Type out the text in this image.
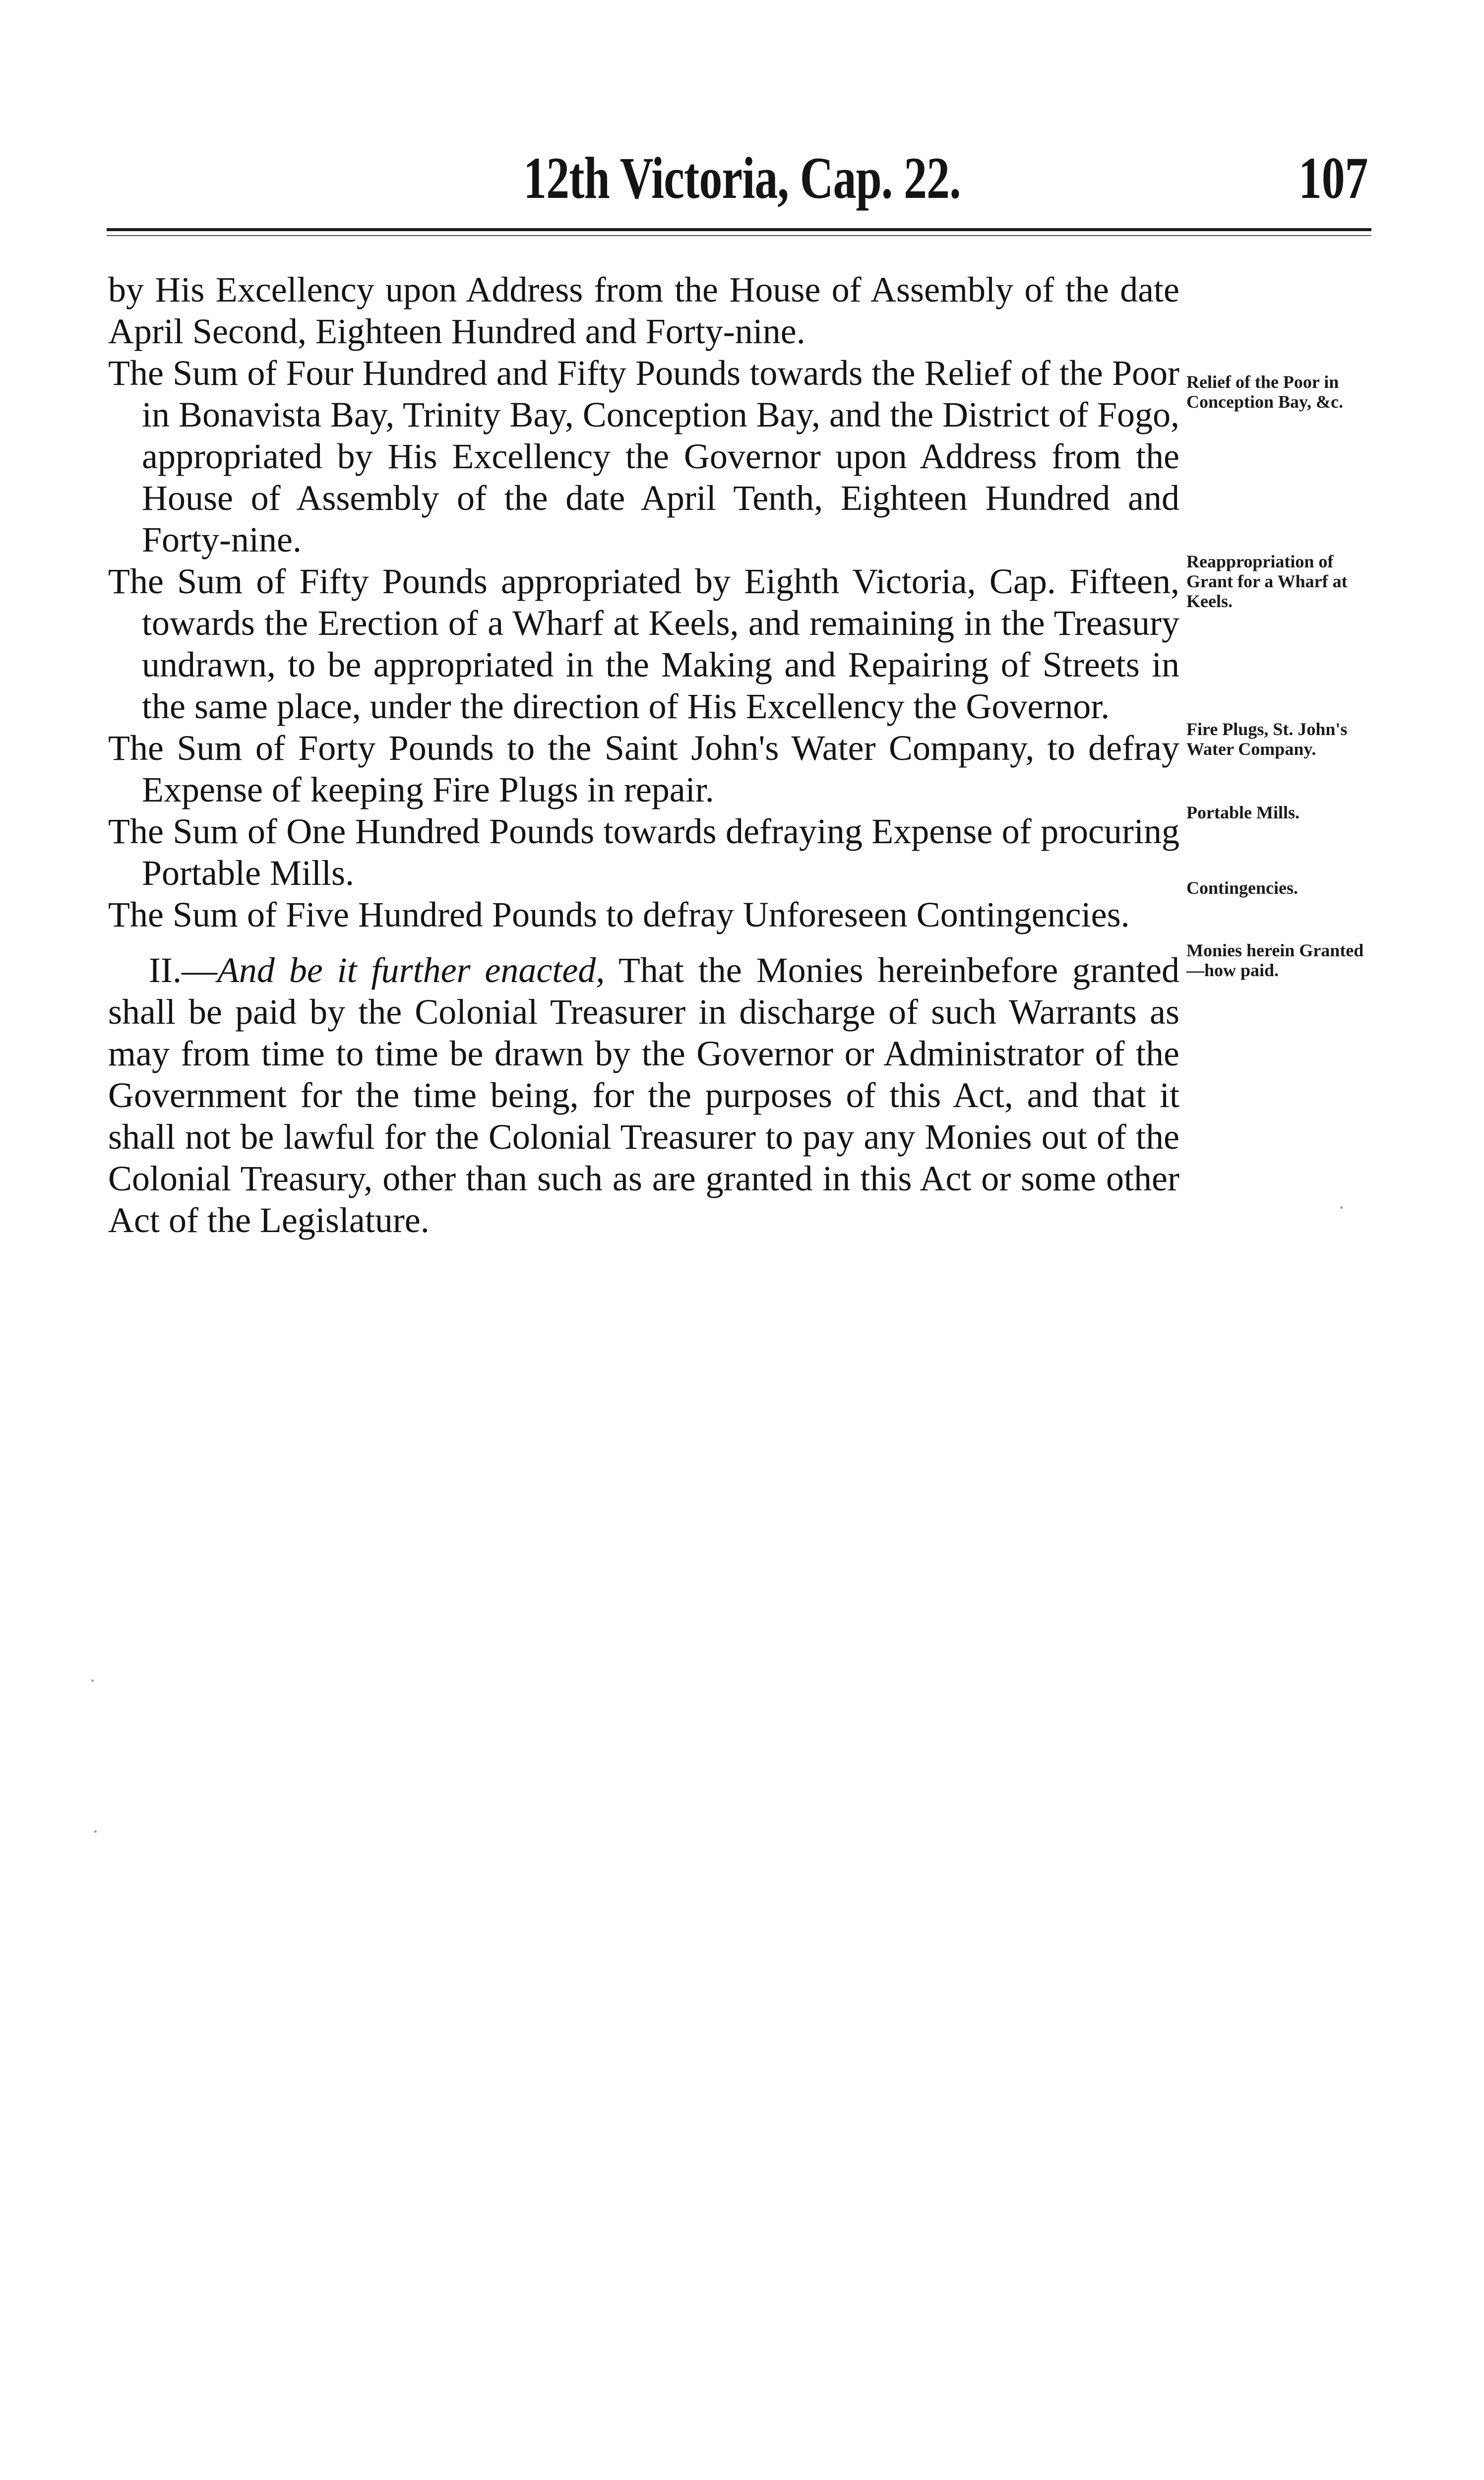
12th Victoria, Cap. 22.	107

by His Excellency upon Address from the House of Assembly of the date April Second, Eighteen Hundred and Forty-nine.

The Sum of Four Hundred and Fifty Pounds towards the Relief of the Poor in Bonavista Bay, Trinity Bay, Conception Bay, and the District of Fogo, appropriated by His Excellency the Governor upon Address from the House of Assembly of the date April Tenth, Eighteen Hundred and Forty-nine.

The Sum of Fifty Pounds appropriated by Eighth Victoria, Cap. Fifteen, towards the Erection of a Wharf at Keels, and remaining in the Treasury undrawn, to be appropriated in the Making and Repairing of Streets in the same place, under the direction of His Excellency the Governor.

The Sum of Forty Pounds to the Saint John's Water Company, to defray Expense of keeping Fire Plugs in repair.

The Sum of One Hundred Pounds towards defraying Expense of procuring Portable Mills.

The Sum of Five Hundred Pounds to defray Unforeseen Contingencies.

II.—And be it further enacted, That the Monies hereinbefore granted shall be paid by the Colonial Treasurer in discharge of such Warrants as may from time to time be drawn by the Governor or Administrator of the Government for the time being, for the purposes of this Act, and that it shall not be lawful for the Colonial Treasurer to pay any Monies out of the Colonial Treasury, other than such as are granted in this Act or some other Act of the Legislature.

Relief of the Poor in Conception Bay, &c.
Reappropriation of Grant for a Wharf at Keels.
Fire Plugs, St. John's Water Company.
Portable Mills.
Contingencies.
Monies herein Granted—how paid.
